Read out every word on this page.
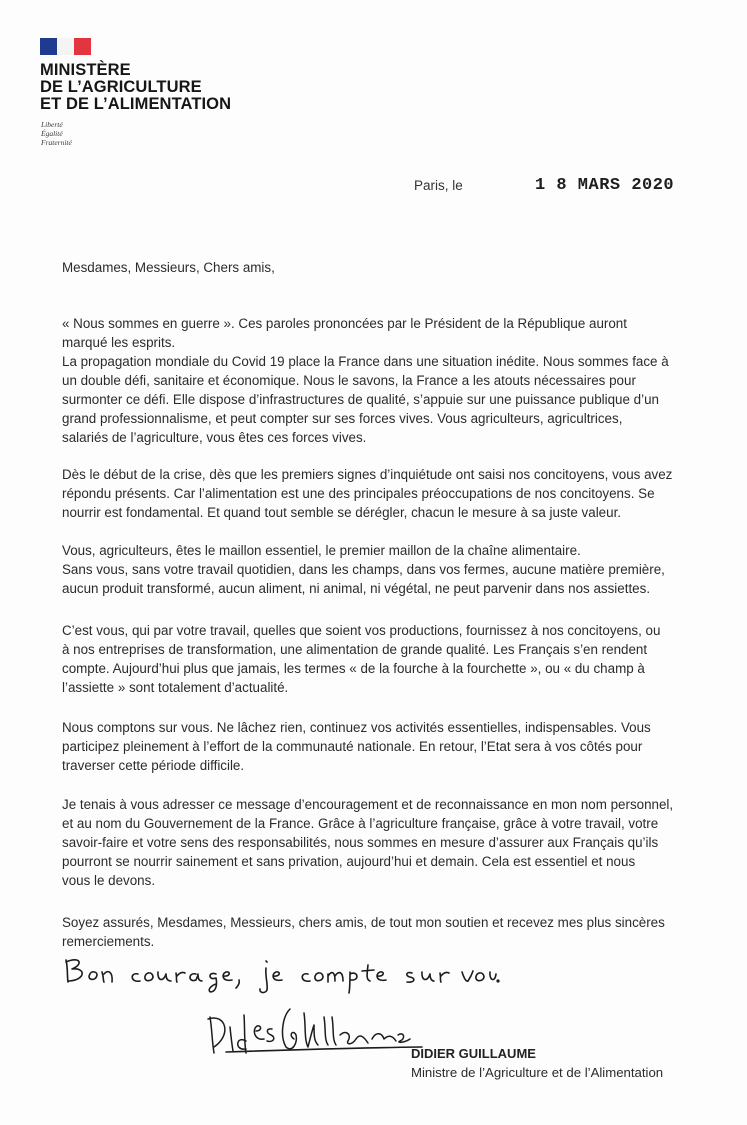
MINISTÈRE
DE L’AGRICULTURE
ET DE L’ALIMENTATION
Liberté
Égalité
Fraternité
Paris, le	1 8 MARS 2020
Mesdames, Messieurs, Chers amis,
« Nous sommes en guerre ». Ces paroles prononcées par le Président de la République auront
marqué les esprits.
La propagation mondiale du Covid 19 place la France dans une situation inédite. Nous sommes face à
un double défi, sanitaire et économique. Nous le savons, la France a les atouts nécessaires pour
surmonter ce défi. Elle dispose d’infrastructures de qualité, s’appuie sur une puissance publique d’un
grand professionnalisme, et peut compter sur ses forces vives. Vous agriculteurs, agricultrices,
salariés de l’agriculture, vous êtes ces forces vives.
Dès le début de la crise, dès que les premiers signes d’inquiétude ont saisi nos concitoyens, vous avez
répondu présents. Car l’alimentation est une des principales préoccupations de nos concitoyens. Se
nourrir est fondamental. Et quand tout semble se dérégler, chacun le mesure à sa juste valeur.
Vous, agriculteurs, êtes le maillon essentiel, le premier maillon de la chaîne alimentaire.
Sans vous, sans votre travail quotidien, dans les champs, dans vos fermes, aucune matière première,
aucun produit transformé, aucun aliment, ni animal, ni végétal, ne peut parvenir dans nos assiettes.
C’est vous, qui par votre travail, quelles que soient vos productions, fournissez à nos concitoyens, ou
à nos entreprises de transformation, une alimentation de grande qualité. Les Français s’en rendent
compte. Aujourd’hui plus que jamais, les termes « de la fourche à la fourchette », ou « du champ à
l’assiette » sont totalement d’actualité.
Nous comptons sur vous. Ne lâchez rien, continuez vos activités essentielles, indispensables. Vous
participez pleinement à l’effort de la communauté nationale. En retour, l’Etat sera à vos côtés pour
traverser cette période difficile.
Je tenais à vous adresser ce message d’encouragement et de reconnaissance en mon nom personnel,
et au nom du Gouvernement de la France. Grâce à l’agriculture française, grâce à votre travail, votre
savoir-faire et votre sens des responsabilités, nous sommes en mesure d’assurer aux Français qu’ils
pourront se nourrir sainement et sans privation, aujourd’hui et demain. Cela est essentiel et nous
vous le devons.
Soyez assurés, Mesdames, Messieurs, chers amis, de tout mon soutien et recevez mes plus sincères
remerciements.
DIDIER GUILLAUME
Ministre de l’Agriculture et de l’Alimentation
